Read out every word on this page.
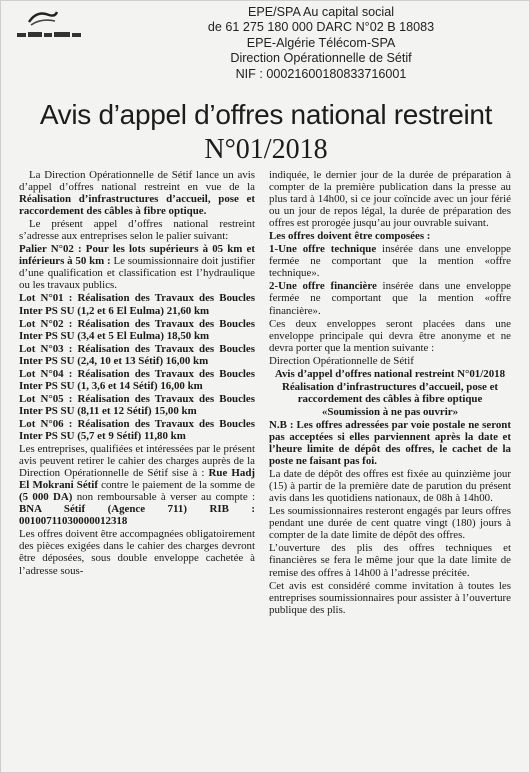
EPE/SPA Au capital social
de 61 275 180 000 DARC N°02 B 18083
EPE-Algérie Télécom-SPA
Direction Opérationnelle de Sétif
NIF : 00021600180833716001
Avis d’appel d’offres national restreint
N°01/2018

La Direction Opérationnelle de Sétif lance un avis d’appel d’offres national restreint en vue de la Réalisation d’infrastructures d’accueil, pose et raccordement des câbles à fibre optique.

Le présent appel d’offres national restreint s’adresse aux entreprises selon le palier suivant:

Palier N°02 : Pour les lots supérieurs à 05 km et inférieurs à 50 km : Le soumissionnaire doit justifier d’une qualification et classification est l’hydraulique ou les travaux publics.

Lot N°01 : Réalisation des Travaux des Boucles Inter PS SU (1,2 et 6 El Eulma) 21,60 km

Lot N°02 : Réalisation des Travaux des Boucles Inter PS SU (3,4 et 5 El Eulma) 18,50 km

Lot N°03 : Réalisation des Travaux des Boucles Inter PS SU (2,4, 10 et 13 Sétif) 16,00 km

Lot N°04 : Réalisation des Travaux des Boucles Inter PS SU (1, 3,6 et 14 Sétif) 16,00 km

Lot N°05 : Réalisation des Travaux des Boucles Inter PS SU (8,11 et 12 Sétif) 15,00 km

Lot N°06 : Réalisation des Travaux des Boucles Inter PS SU (5,7 et 9 Sétif) 11,80 km

Les entreprises, qualifiées et intéressées par le présent avis peuvent retirer le cahier des charges auprès de la Direction Opérationnelle de Sétif sise à : Rue Hadj El Mokrani Sétif contre le paiement de la somme de (5 000 DA) non remboursable à verser au compte : BNA Sétif (Agence 711) RIB : 00100711030000012318

Les offres doivent être accompagnées obligatoirement des pièces exigées dans le cahier des charges devront être déposées, sous double enveloppe cachetée à l’adresse sous-

indiquée, le dernier jour de la durée de préparation à compter de la première publication dans la presse au plus tard à 14h00, si ce jour coïncide avec un jour férié ou un jour de repos légal, la durée de préparation des offres est prorogée jusqu’au jour ouvrable suivant.

Les offres doivent être composées :

1-Une offre technique insérée dans une enveloppe fermée ne comportant que la mention «offre technique».

2-Une offre financière insérée dans une enveloppe fermée ne comportant que la mention «offre financière».

Ces deux enveloppes seront placées dans une enveloppe principale qui devra être anonyme et ne devra porter que la mention suivante :

Direction Opérationnelle de Sétif

Avis d’appel d’offres national restreint N°01/2018

Réalisation d’infrastructures d’accueil, pose et raccordement des câbles à fibre optique

«Soumission à ne pas ouvrir»

N.B : Les offres adressées par voie postale ne seront pas acceptées si elles parviennent après la date et l’heure limite de dépôt des offres, le cachet de la poste ne faisant pas foi.

La date de dépôt des offres est fixée au quinzième jour (15) à partir de la première date de parution du présent avis dans les quotidiens nationaux, de 08h à 14h00.

Les soumissionnaires resteront engagés par leurs offres pendant une durée de cent quatre vingt (180) jours à compter de la date limite de dépôt des offres.

L’ouverture des plis des offres techniques et financières se fera le même jour que la date limite de remise des offres à 14h00 à l’adresse précitée.

Cet avis est considéré comme invitation à toutes les entreprises soumissionnaires pour assister à l’ouverture publique des plis.
